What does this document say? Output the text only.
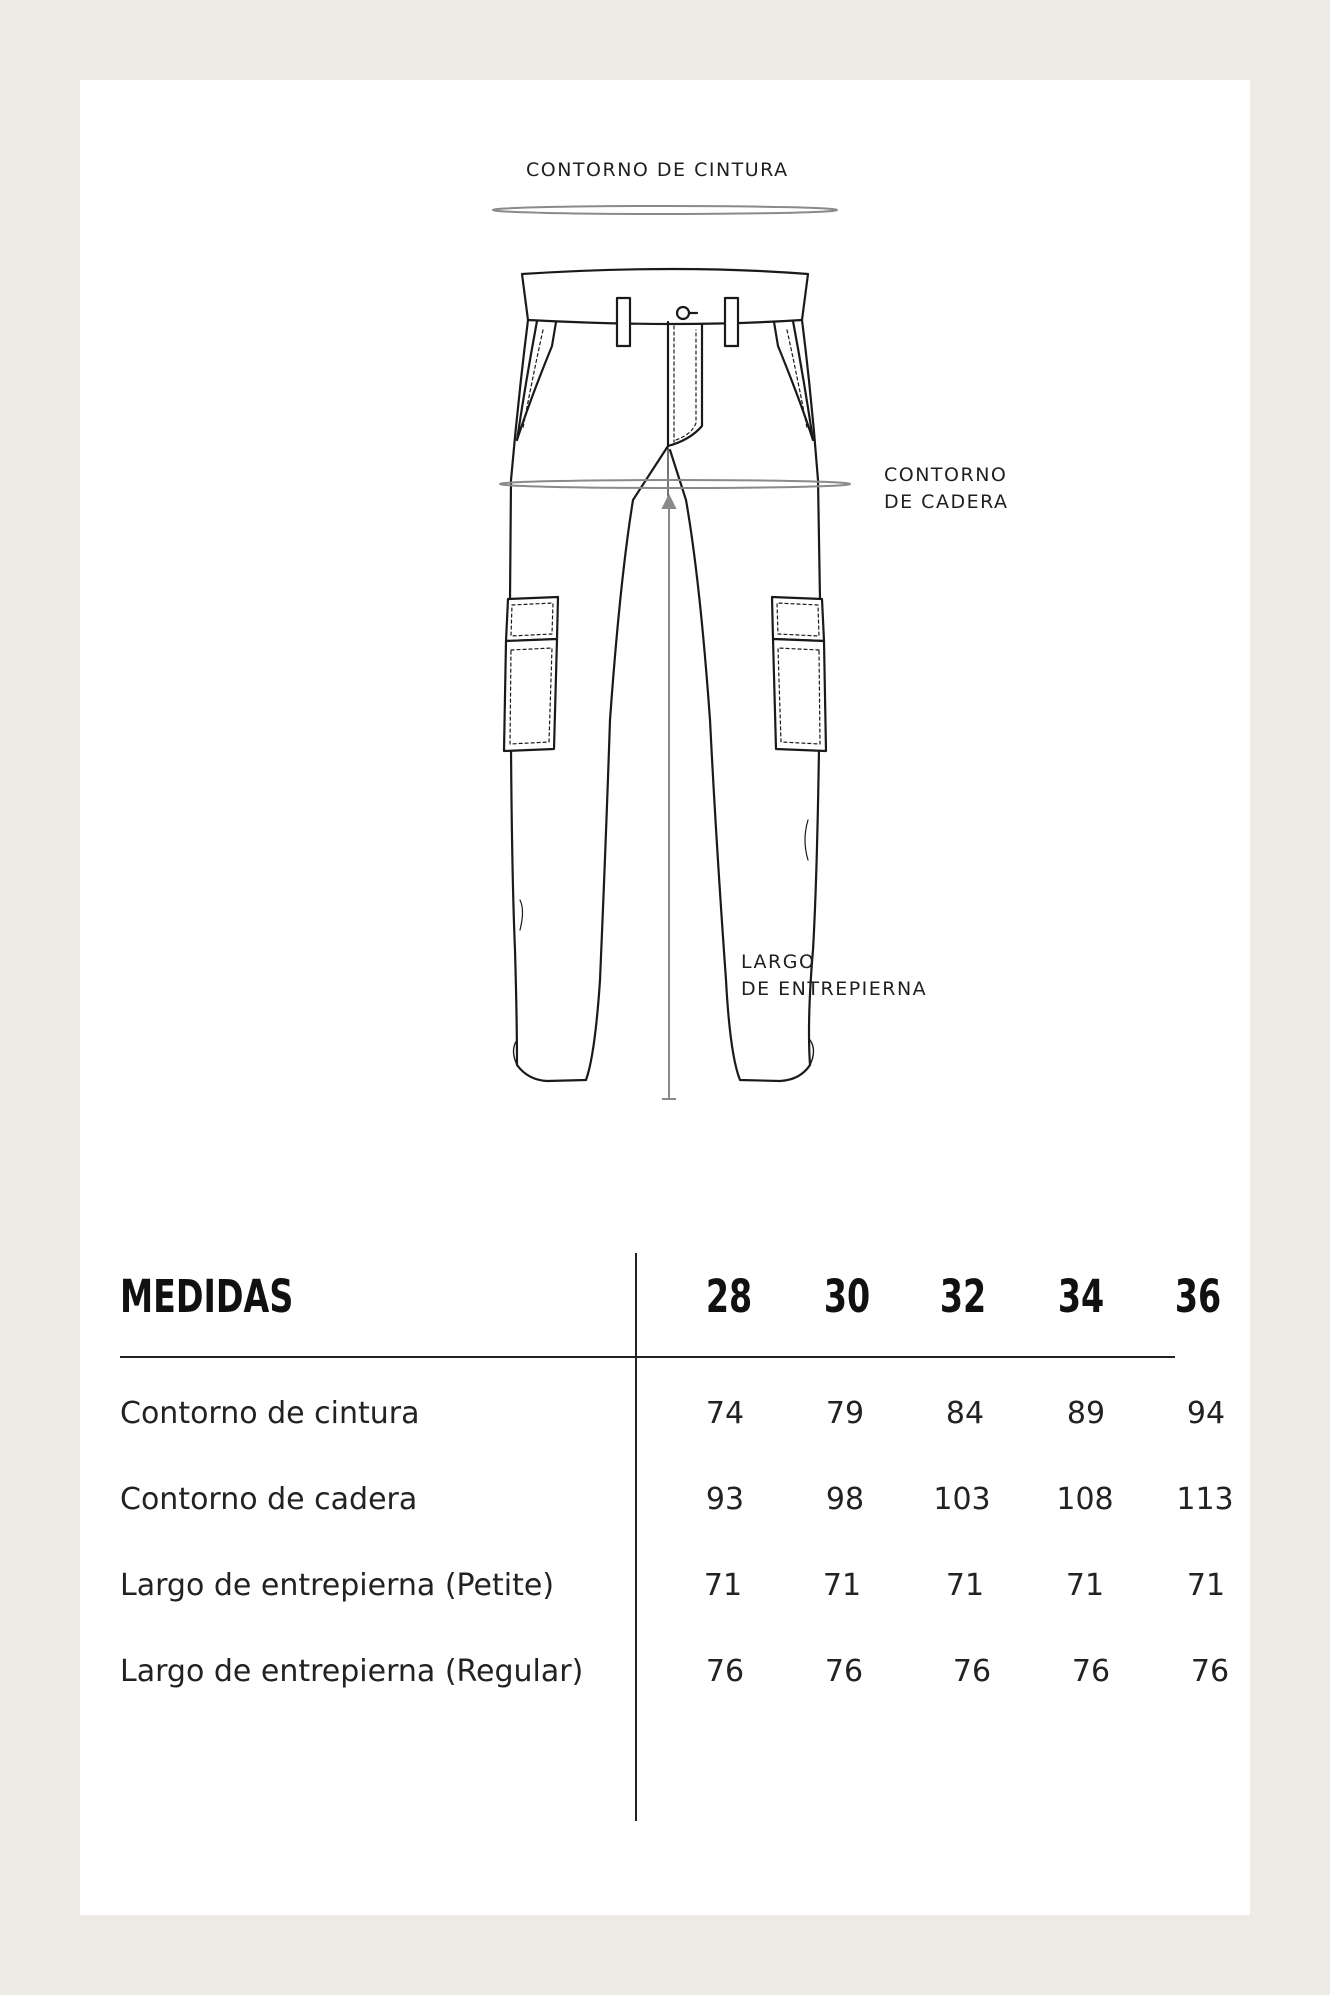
CONTORNO DE CINTURA
CONTORNO
DE CADERA
LARGO
DE ENTREPIERNA
MEDIDAS	28 30 32 34 36
Contorno de cintura	74	79	84	89	94
Contorno de cadera	93	98	103	108	113
Largo de entrepierna (Petite)	71	71	71	71	71
Largo de entrepierna (Regular)	76	76	76	76	76
